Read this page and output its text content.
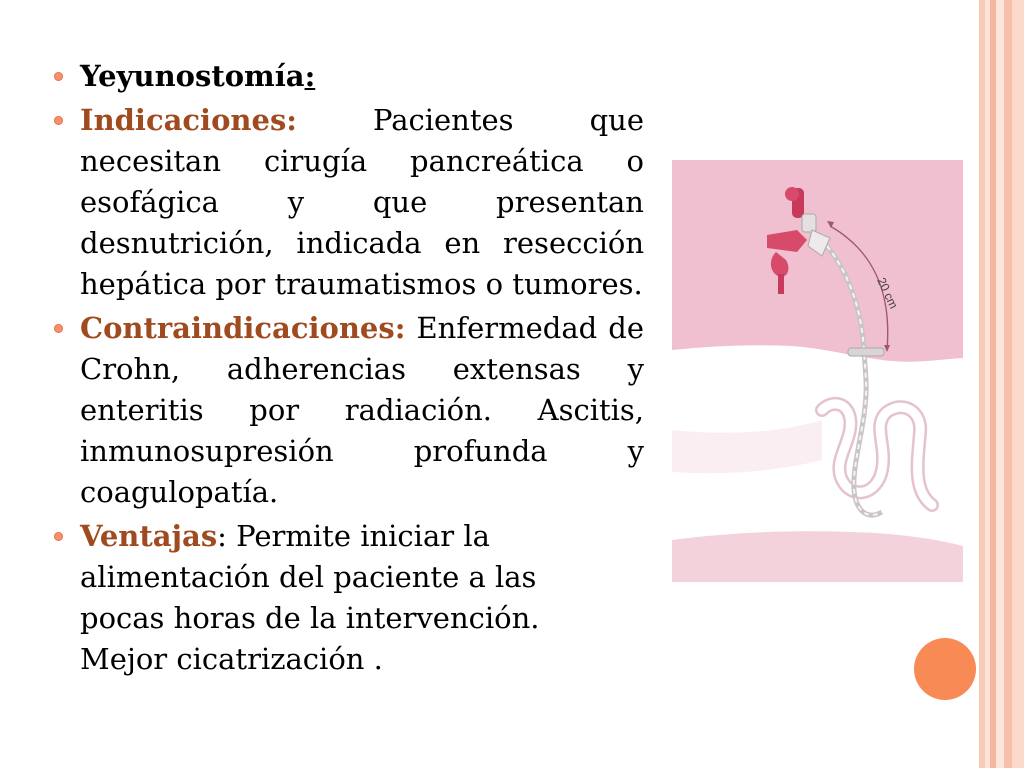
Yeyunostomía:
Indicaciones: Pacientes que necesitan cirugía pancreática o esofágica y que presentan desnutrición, indicada en resección hepática por traumatismos o tumores.
Contraindicaciones: Enfermedad de Crohn, adherencias extensas y enteritis por radiación. Ascitis, inmunosupresión profunda y coagulopatía.
Ventajas: Permite iniciar la alimentación del paciente a las pocas horas de la intervención. Mejor cicatrización .
20 cm
